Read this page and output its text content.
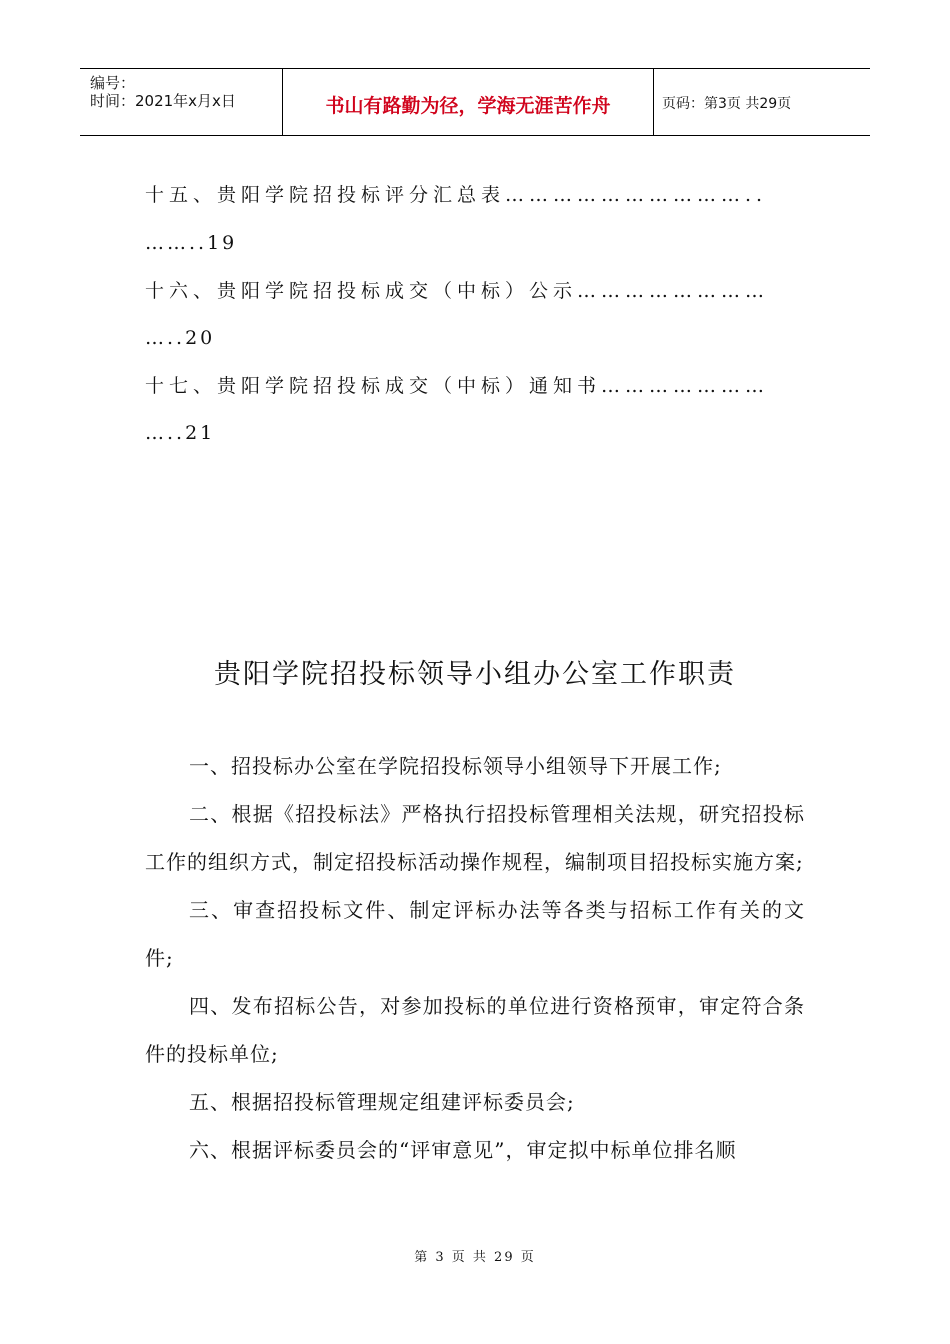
编号：
时间：2021年x月x日	书山有路勤为径，学海无涯苦作舟	页码：第3页 共29页
十五、贵阳学院招投标评分汇总表…………………………..
……..19
十六、贵阳学院招投标成交（中标）公示……………………
…..20
十七、贵阳学院招投标成交（中标）通知书…………………
…..21
贵阳学院招投标领导小组办公室工作职责

一、招投标办公室在学院招投标领导小组领导下开展工作;

二、根据《招投标法》严格执行招投标管理相关法规，研究招投标工作的组织方式，制定招投标活动操作规程，编制项目招投标实施方案;

三、审查招投标文件、制定评标办法等各类与招标工作有关的文件;

四、发布招标公告，对参加投标的单位进行资格预审，审定符合条件的投标单位;

五、根据招投标管理规定组建评标委员会;

六、根据评标委员会的“评审意见”，审定拟中标单位排名顺

第 3 页 共 29 页
